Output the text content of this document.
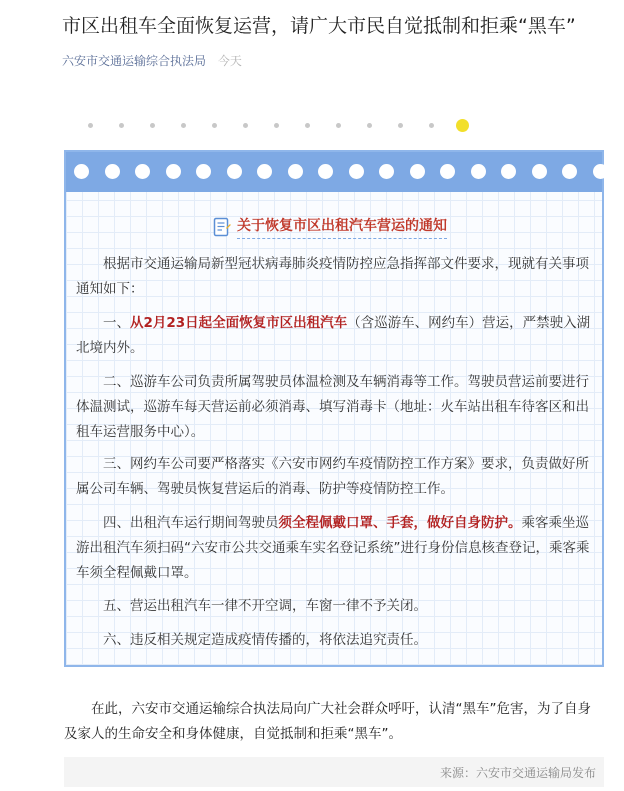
市区出租车全面恢复运营，请广大市民自觉抵制和拒乘“黑车”
六安市交通运输综合执法局 今天
关于恢复市区出租汽车营运的通知

根据市交通运输局新型冠状病毒肺炎疫情防控应急指挥部文件要求，现就有关事项通知如下：

一、从2月23日起全面恢复市区出租汽车（含巡游车、网约车）营运，严禁驶入湖北境内外。

二、巡游车公司负责所属驾驶员体温检测及车辆消毒等工作。驾驶员营运前要进行体温测试，巡游车每天营运前必须消毒、填写消毒卡（地址：火车站出租车待客区和出租车运营服务中心）。

三、网约车公司要严格落实《六安市网约车疫情防控工作方案》要求，负责做好所属公司车辆、驾驶员恢复营运后的消毒、防护等疫情防控工作。

四、出租汽车运行期间驾驶员须全程佩戴口罩、手套，做好自身防护。乘客乘坐巡游出租汽车须扫码“六安市公共交通乘车实名登记系统”进行身份信息核查登记，乘客乘车须全程佩戴口罩。

五、营运出租汽车一律不开空调，车窗一律不予关闭。

六、违反相关规定造成疫情传播的，将依法追究责任。

在此，六安市交通运输综合执法局向广大社会群众呼吁，认清“黑车”危害，为了自身及家人的生命安全和身体健康，自觉抵制和拒乘“黑车”。

来源：六安市交通运输局发布
